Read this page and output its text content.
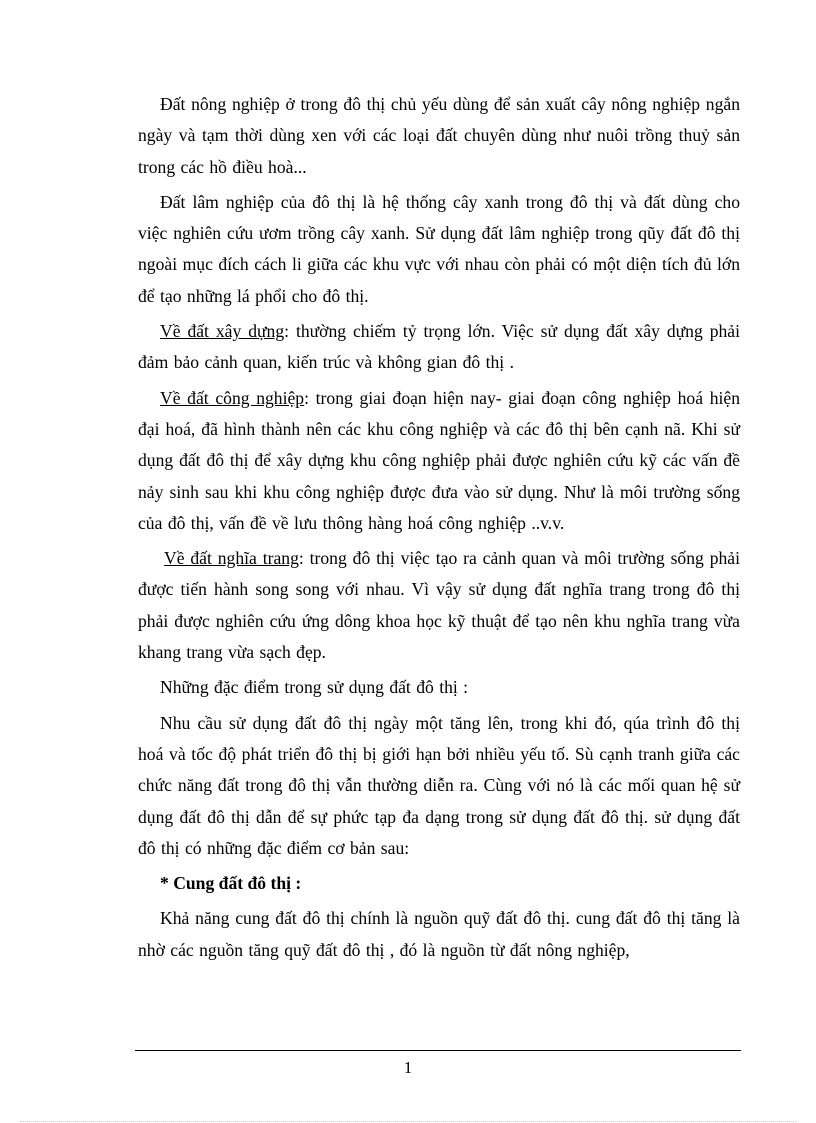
Đất nông nghiệp ở trong đô thị chủ yếu dùng để sản xuất cây nông nghiệp ngắn ngày và tạm thời dùng xen với các loại đất chuyên dùng như nuôi trồng thuỷ sản trong các hồ điều hoà...

Đất lâm nghiệp của đô thị là hệ thống cây xanh trong đô thị và đất dùng cho việc nghiên cứu ươm trồng cây xanh. Sử dụng đất lâm nghiệp trong qũy đất đô thị ngoài mục đích cách li giữa các khu vực với nhau còn phải có một diện tích đủ lớn để tạo những lá phổi cho đô thị.

Về đất xây dựng: thường chiếm tỷ trọng lớn. Việc sử dụng đất xây dựng phải đảm bảo cảnh quan, kiến trúc và không gian đô thị .

Về đất công nghiệp: trong giai đoạn hiện nay- giai đoạn công nghiệp hoá hiện đại hoá, đã hình thành nên các khu công nghiệp và các đô thị bên cạnh nã. Khi sử dụng đất đô thị để xây dựng khu công nghiệp phải được nghiên cứu kỹ các vấn đề nảy sinh sau khi khu công nghiệp được đưa vào sử dụng. Như là môi trường sống của đô thị, vấn đề về lưu thông hàng hoá công nghiệp ..v.v.

Về đất nghĩa trang: trong đô thị việc tạo ra cảnh quan và môi trường sống phải được tiến hành song song với nhau. Vì vậy sử dụng đất nghĩa trang trong đô thị phải được nghiên cứu ứng dông khoa học kỹ thuật để tạo nên khu nghĩa trang vừa khang trang vừa sạch đẹp.

Những đặc điểm trong sử dụng đất đô thị :

Nhu cầu sử dụng đất đô thị ngày một tăng lên, trong khi đó, qúa trình đô thị hoá và tốc độ phát triển đô thị bị giới hạn bởi nhiều yếu tố. Sù cạnh tranh giữa các chức năng đất trong đô thị vẫn thường diễn ra. Cùng với nó là các mối quan hệ sử dụng đất đô thị dẫn để sự phức tạp đa dạng trong sử dụng đất đô thị. sử dụng đất đô thị có những đặc điểm cơ bản sau:

* Cung đất đô thị :

Khả năng cung đất đô thị chính là nguồn quỹ đất đô thị. cung đất đô thị tăng là nhờ các nguồn tăng quỹ đất đô thị , đó là nguồn từ đất nông nghiệp,

1
